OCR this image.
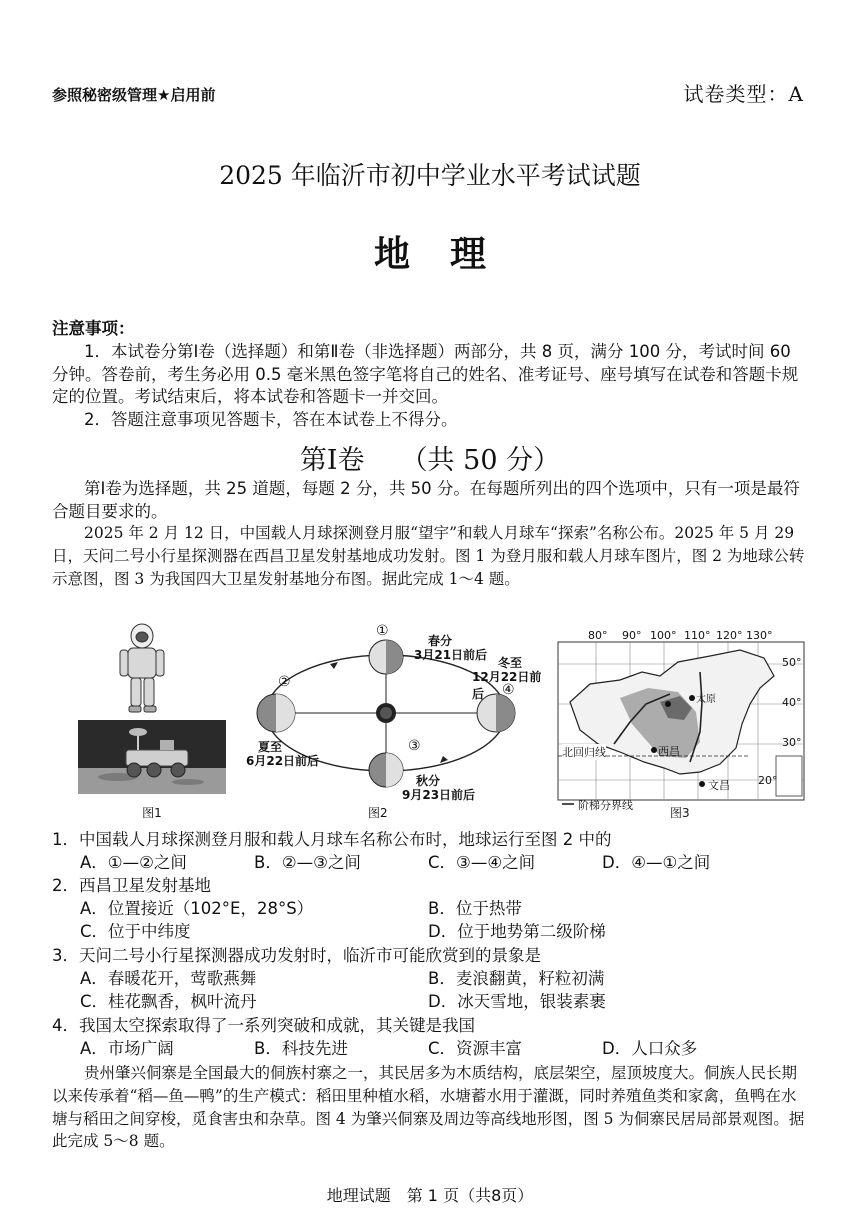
参照秘密级管理★启用前	试卷类型：A
2025 年临沂市初中学业水平考试试题
地理
注意事项：
1．本试卷分第Ⅰ卷（选择题）和第Ⅱ卷（非选择题）两部分，共 8 页，满分 100 分，考试时间 60 分钟。答卷前，考生务必用 0.5 毫米黑色签字笔将自己的姓名、准考证号、座号填写在试卷和答题卡规定的位置。考试结束后，将本试卷和答题卡一并交回。
2．答题注意事项见答题卡，答在本试卷上不得分。
第Ⅰ卷 （共 50 分）
第Ⅰ卷为选择题，共 25 道题，每题 2 分，共 50 分。在每题所列出的四个选项中，只有一项是最符合题目要求的。
2025 年 2 月 12 日，中国载人月球探测登月服“望宇”和载人月球车“探索”名称公布。2025 年 5 月 29 日，天问二号小行星探测器在西昌卫星发射基地成功发射。图 1 为登月服和载人月球车图片，图 2 为地球公转示意图，图 3 为我国四大卫星发射基地分布图。据此完成 1～4 题。
图1
①
春分
3月21日前后
冬至
12月22日前后	④
②
夏至
6月22日前后
③
秋分
9月23日前后
图2
80° 90° 100° 110° 120° 130°
50°
40°
30°
20°
北回归线	西昌
文昌
太原
阶梯分界线
图3
1．中国载人月球探测登月服和载人月球车名称公布时，地球运行至图 2 中的
A．①—②之间	B．②—③之间	C．③—④之间	D．④—①之间
2．西昌卫星发射基地
A．位置接近（102°E，28°S）	B．位于热带
C．位于中纬度	D．位于地势第二级阶梯
3．天问二号小行星探测器成功发射时，临沂市可能欣赏到的景象是
A．春暖花开，莺歌燕舞	B．麦浪翻黄，籽粒初满
C．桂花飘香，枫叶流丹	D．冰天雪地，银装素裹
4．我国太空探索取得了一系列突破和成就，其关键是我国
A．市场广阔	B．科技先进	C．资源丰富	D．人口众多
贵州肇兴侗寨是全国最大的侗族村寨之一，其民居多为木质结构，底层架空，屋顶坡度大。侗族人民长期以来传承着“稻—鱼—鸭”的生产模式：稻田里种植水稻，水塘蓄水用于灌溉，同时养殖鱼类和家禽，鱼鸭在水塘与稻田之间穿梭，觅食害虫和杂草。图 4 为肇兴侗寨及周边等高线地形图，图 5 为侗寨民居局部景观图。据此完成 5～8 题。
地理试题　第 1 页（共8页）
